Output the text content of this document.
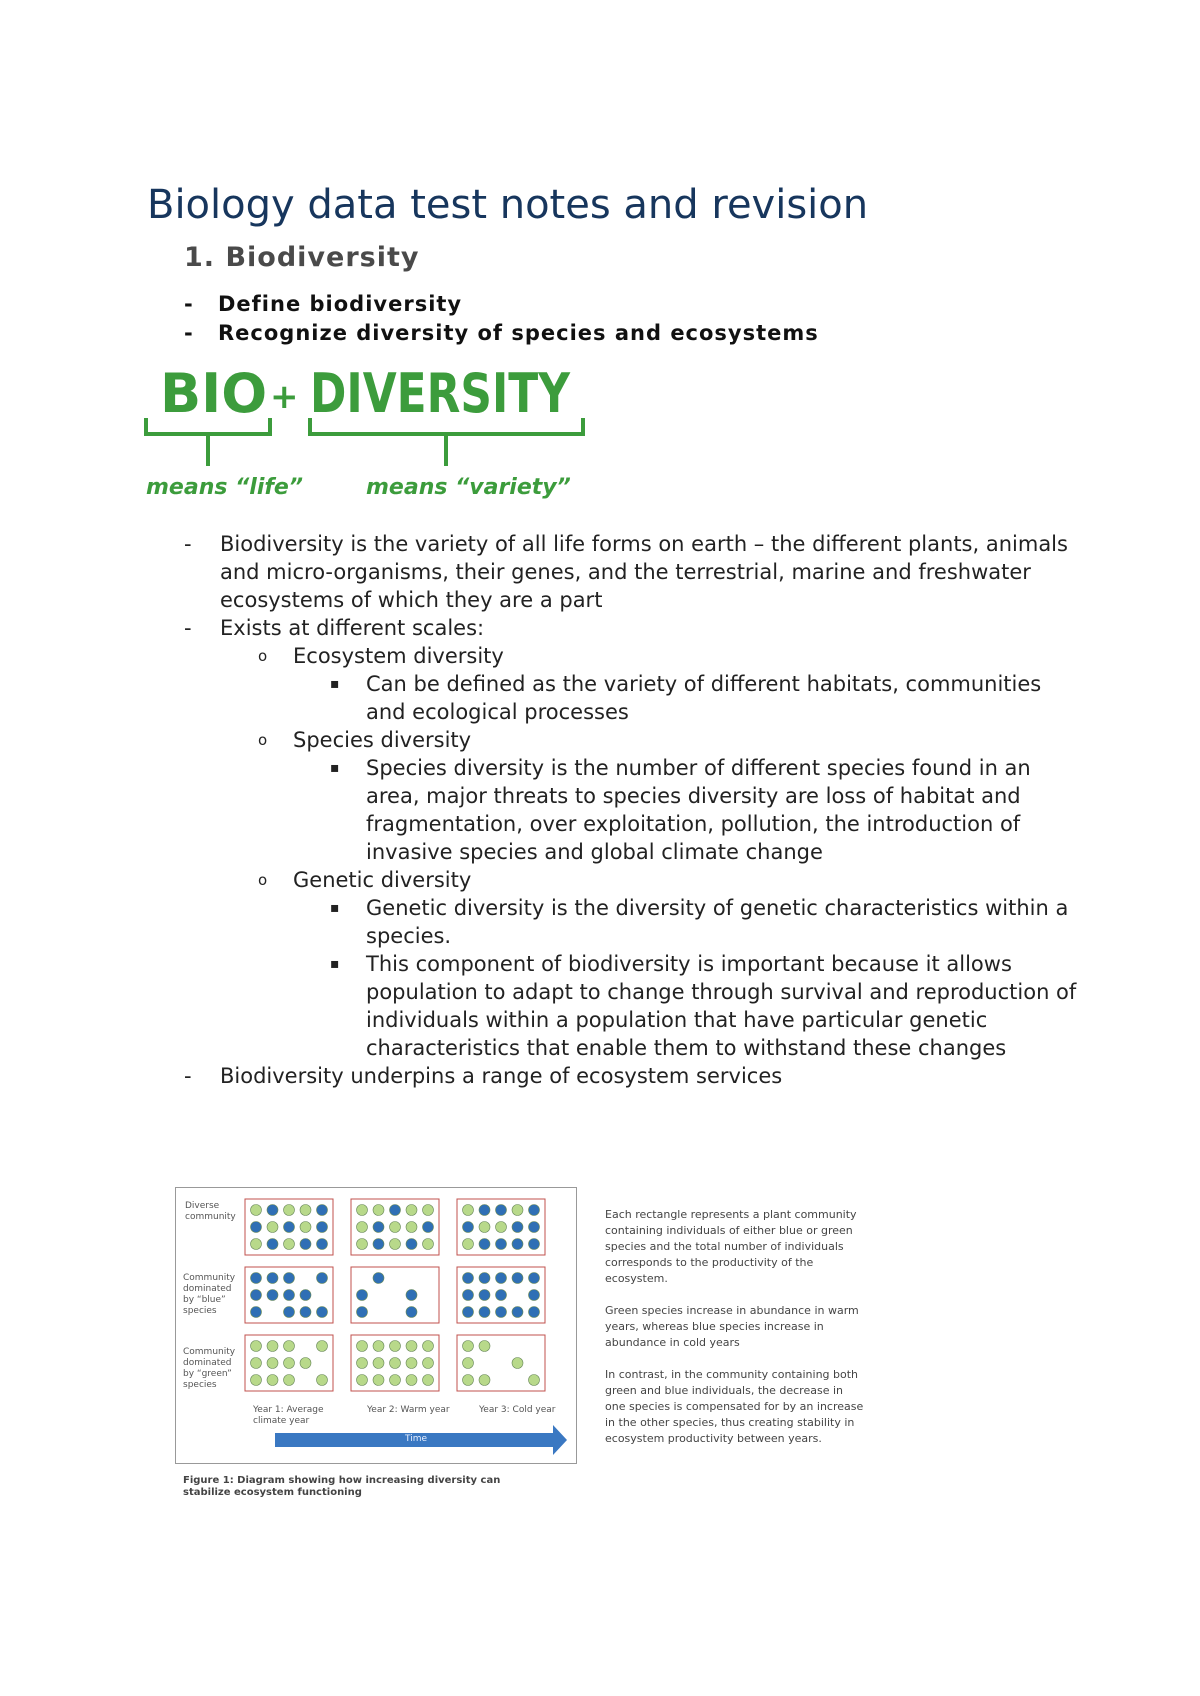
Biology data test notes and revision
1. Biodiversity
- Define biodiversity
- Recognize diversity of species and ecosystems
BIO + DIVERSITY
means “life”	means “variety”
- Biodiversity is the variety of all life forms on earth – the different plants, animals and micro-organisms, their genes, and the terrestrial, marine and freshwater ecosystems of which they are a part
- Exists at different scales:
o Ecosystem diversity
▪ Can be defined as the variety of different habitats, communities and ecological processes
o Species diversity
▪ Species diversity is the number of different species found in an area, major threats to species diversity are loss of habitat and fragmentation, over exploitation, pollution, the introduction of invasive species and global climate change
o Genetic diversity
▪ Genetic diversity is the diversity of genetic characteristics within a species.
▪ This component of biodiversity is important because it allows population to adapt to change through survival and reproduction of individuals within a population that have particular genetic characteristics that enable them to withstand these changes
- Biodiversity underpins a range of ecosystem services
Diverse community
Community dominated by “blue” species
Community dominated by “green” species
Year 1: Average climate year
Year 2: Warm year	Year 3: Cold year
Time
Figure 1: Diagram showing how increasing diversity can stabilize ecosystem functioning

Each rectangle represents a plant community containing individuals of either blue or green species and the total number of individuals corresponds to the productivity of the ecosystem.

Green species increase in abundance in warm years, whereas blue species increase in abundance in cold years

In contrast, in the community containing both green and blue individuals, the decrease in one species is compensated for by an increase in the other species, thus creating stability in ecosystem productivity between years.
